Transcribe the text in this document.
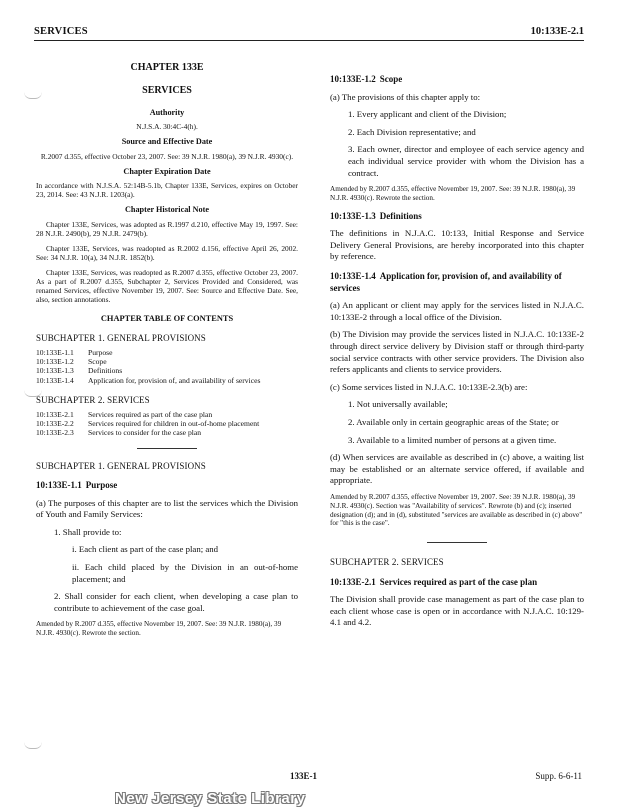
SERVICES	10:133E-2.1
CHAPTER 133E
SERVICES
Authority

N.J.S.A. 30:4C-4(h).

Source and Effective Date

R.2007 d.355, effective October 23, 2007. See: 39 N.J.R. 1980(a), 39 N.J.R. 4930(c).

Chapter Expiration Date

In accordance with N.J.S.A. 52:14B-5.1b, Chapter 133E, Services, expires on October 23, 2014. See: 43 N.J.R. 1203(a).

Chapter Historical Note

Chapter 133E, Services, was adopted as R.1997 d.210, effective May 19, 1997. See: 28 N.J.R. 2490(b), 29 N.J.R. 2479(b).

Chapter 133E, Services, was readopted as R.2002 d.156, effective April 26, 2002. See: 34 N.J.R. 10(a), 34 N.J.R. 1852(b).

Chapter 133E, Services, was readopted as R.2007 d.355, effective October 23, 2007. As a part of R.2007 d.355, Subchapter 2, Services Provided and Considered, was renamed Services, effective November 19, 2007. See: Source and Effective Date. See, also, section annotations.

CHAPTER TABLE OF CONTENTS
SUBCHAPTER 1. GENERAL PROVISIONS
10:133E-1.1	Purpose
10:133E-1.2	Scope
10:133E-1.3	Definitions
10:133E-1.4	Application for, provision of, and availability of services
SUBCHAPTER 2. SERVICES
10:133E-2.1	Services required as part of the case plan
10:133E-2.2	Services required for children in out-of-home placement
10:133E-2.3	Services to consider for the case plan
SUBCHAPTER 1. GENERAL PROVISIONS
10:133E-1.1 Purpose

(a) The purposes of this chapter are to list the services which the Division of Youth and Family Services:

1. Shall provide to:

i. Each client as part of the case plan; and

ii. Each child placed by the Division in an out-of-home placement; and

2. Shall consider for each client, when developing a case plan to contribute to achievement of the case goal.

Amended by R.2007 d.355, effective November 19, 2007. See: 39 N.J.R. 1980(a), 39 N.J.R. 4930(c). Rewrote the section.

10:133E-1.2 Scope

(a) The provisions of this chapter apply to:

1. Every applicant and client of the Division;

2. Each Division representative; and

3. Each owner, director and employee of each service agency and each individual service provider with whom the Division has a contract.

Amended by R.2007 d.355, effective November 19, 2007. See: 39 N.J.R. 1980(a), 39 N.J.R. 4930(c). Rewrote the section.

10:133E-1.3 Definitions

The definitions in N.J.A.C. 10:133, Initial Response and Service Delivery General Provisions, are hereby incorporated into this chapter by reference.

10:133E-1.4 Application for, provision of, and availability of services

(a) An applicant or client may apply for the services listed in N.J.A.C. 10:133E-2 through a local office of the Division.

(b) The Division may provide the services listed in N.J.A.C. 10:133E-2 through direct service delivery by Division staff or through third-party social service contracts with other service providers. The Division also refers applicants and clients to service providers.

(c) Some services listed in N.J.A.C. 10:133E-2.3(b) are:

1. Not universally available;

2. Available only in certain geographic areas of the State; or

3. Available to a limited number of persons at a given time.

(d) When services are available as described in (c) above, a waiting list may be established or an alternate service offered, if available and appropriate.

Amended by R.2007 d.355, effective November 19, 2007. See: 39 N.J.R. 1980(a), 39 N.J.R. 4930(c). Section was "Availability of services". Rewrote (b) and (c); inserted designation (d); and in (d), substituted "services are available as described in (c) above" for "this is the case".

SUBCHAPTER 2. SERVICES
10:133E-2.1 Services required as part of the case plan

The Division shall provide case management as part of the case plan to each client whose case is open or in accordance with N.J.A.C. 10:129-4.1 and 4.2.

133E-1	Supp. 6-6-11
New Jersey State Library
